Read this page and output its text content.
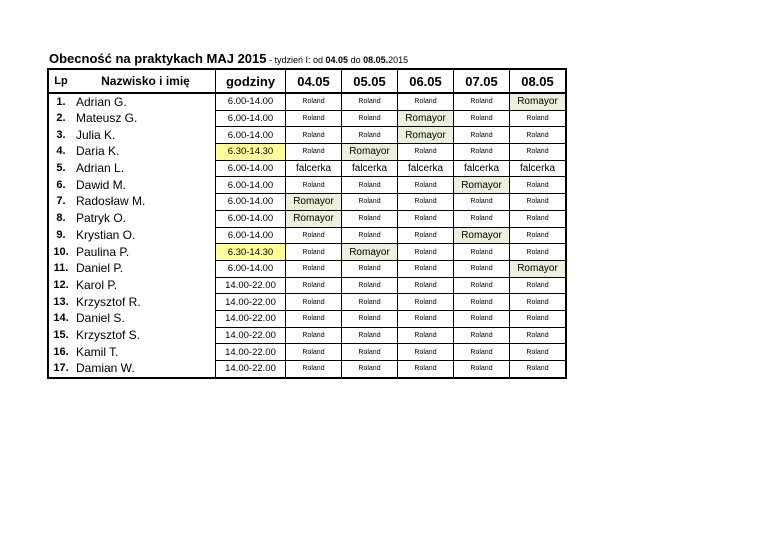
Obecność na praktykach MAJ 2015 - tydzień I: od 04.05 do 08.05.2015
Lp	Nazwisko i imię	godziny	04.05	05.05	06.05	07.05	08.05
1.	Adrian G.	6.00-14.00	Roland	Roland	Roland	Roland	Romayor
2.	Mateusz G.	6.00-14.00	Roland	Roland	Romayor	Roland	Roland
3.	Julia K.	6.00-14.00	Roland	Roland	Romayor	Roland	Roland
4.	Daria K.	6.30-14.30	Roland	Romayor	Roland	Roland	Roland
5.	Adrian L.	6.00-14.00	falcerka	falcerka	falcerka	falcerka	falcerka
6.	Dawid M.	6.00-14.00	Roland	Roland	Roland	Romayor	Roland
7.	Radosław M.	6.00-14.00	Romayor	Roland	Roland	Roland	Roland
8.	Patryk O.	6.00-14.00	Romayor	Roland	Roland	Roland	Roland
9.	Krystian O.	6.00-14.00	Roland	Roland	Roland	Romayor	Roland
10.	Paulina P.	6.30-14.30	Roland	Romayor	Roland	Roland	Roland
11.	Daniel P.	6.00-14.00	Roland	Roland	Roland	Roland	Romayor
12.	Karol P.	14.00-22.00	Roland	Roland	Roland	Roland	Roland
13.	Krzysztof R.	14.00-22.00	Roland	Roland	Roland	Roland	Roland
14.	Daniel S.	14.00-22.00	Roland	Roland	Roland	Roland	Roland
15.	Krzysztof S.	14.00-22.00	Roland	Roland	Roland	Roland	Roland
16.	Kamil T.	14.00-22.00	Roland	Roland	Roland	Roland	Roland
17.	Damian W.	14.00-22.00	Roland	Roland	Roland	Roland	Roland
